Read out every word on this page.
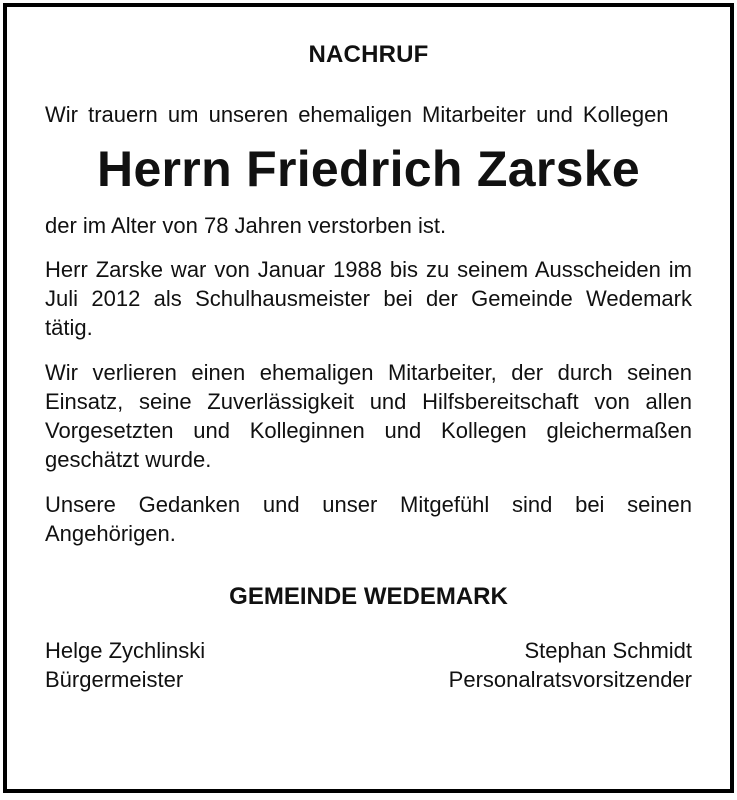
NACHRUF
Wir trauern um unseren ehemaligen Mitarbeiter und Kollegen
Herrn Friedrich Zarske

der im Alter von 78 Jahren verstorben ist.

Herr Zarske war von Januar 1988 bis zu seinem Ausscheiden im Juli 2012 als Schulhausmeister bei der Gemeinde Wedemark tätig.

Wir verlieren einen ehemaligen Mitarbeiter, der durch seinen Einsatz, seine Zuverlässigkeit und Hilfsbereitschaft von allen Vorgesetzten und Kolleginnen und Kollegen gleichermaßen geschätzt wurde.

Unsere Gedanken und unser Mitgefühl sind bei seinen Angehörigen.

GEMEINDE WEDEMARK
Helge Zychlinski
Bürgermeister
Stephan Schmidt
Personalratsvorsitzender
